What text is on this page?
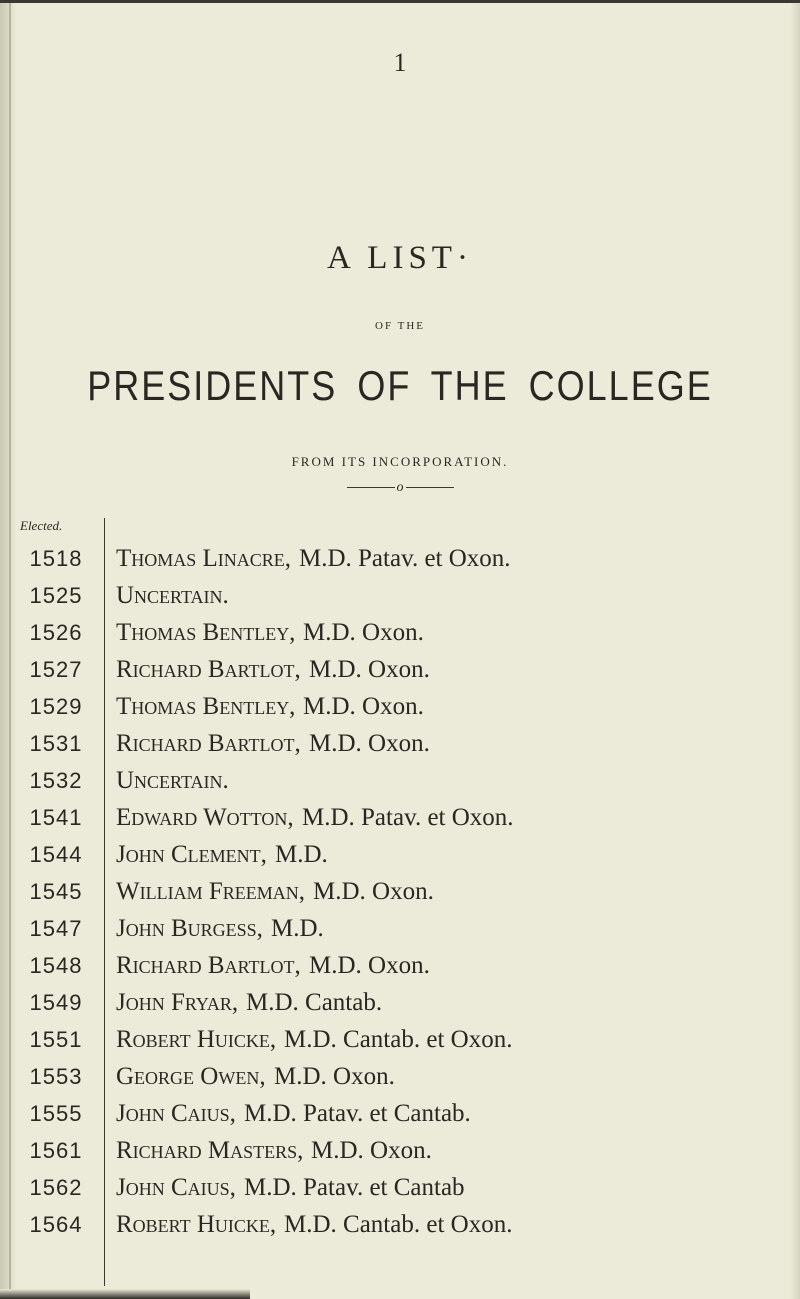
1
A LIST·
OF THE
PRESIDENTS OF THE COLLEGE
FROM ITS INCORPORATION.
o
Elected.
1518	Thomas Linacre, M.D. Patav. et Oxon.
1525	Uncertain.
1526	Thomas Bentley, M.D. Oxon.
1527	Richard Bartlot, M.D. Oxon.
1529	Thomas Bentley, M.D. Oxon.
1531	Richard Bartlot, M.D. Oxon.
1532	Uncertain.
1541	Edward Wotton, M.D. Patav. et Oxon.
1544	John Clement, M.D.
1545	William Freeman, M.D. Oxon.
1547	John Burgess, M.D.
1548	Richard Bartlot, M.D. Oxon.
1549	John Fryar, M.D. Cantab.
1551	Robert Huicke, M.D. Cantab. et Oxon.
1553	George Owen, M.D. Oxon.
1555	John Caius, M.D. Patav. et Cantab.
1561	Richard Masters, M.D. Oxon.
1562	John Caius, M.D. Patav. et Cantab
1564	Robert Huicke, M.D. Cantab. et Oxon.
